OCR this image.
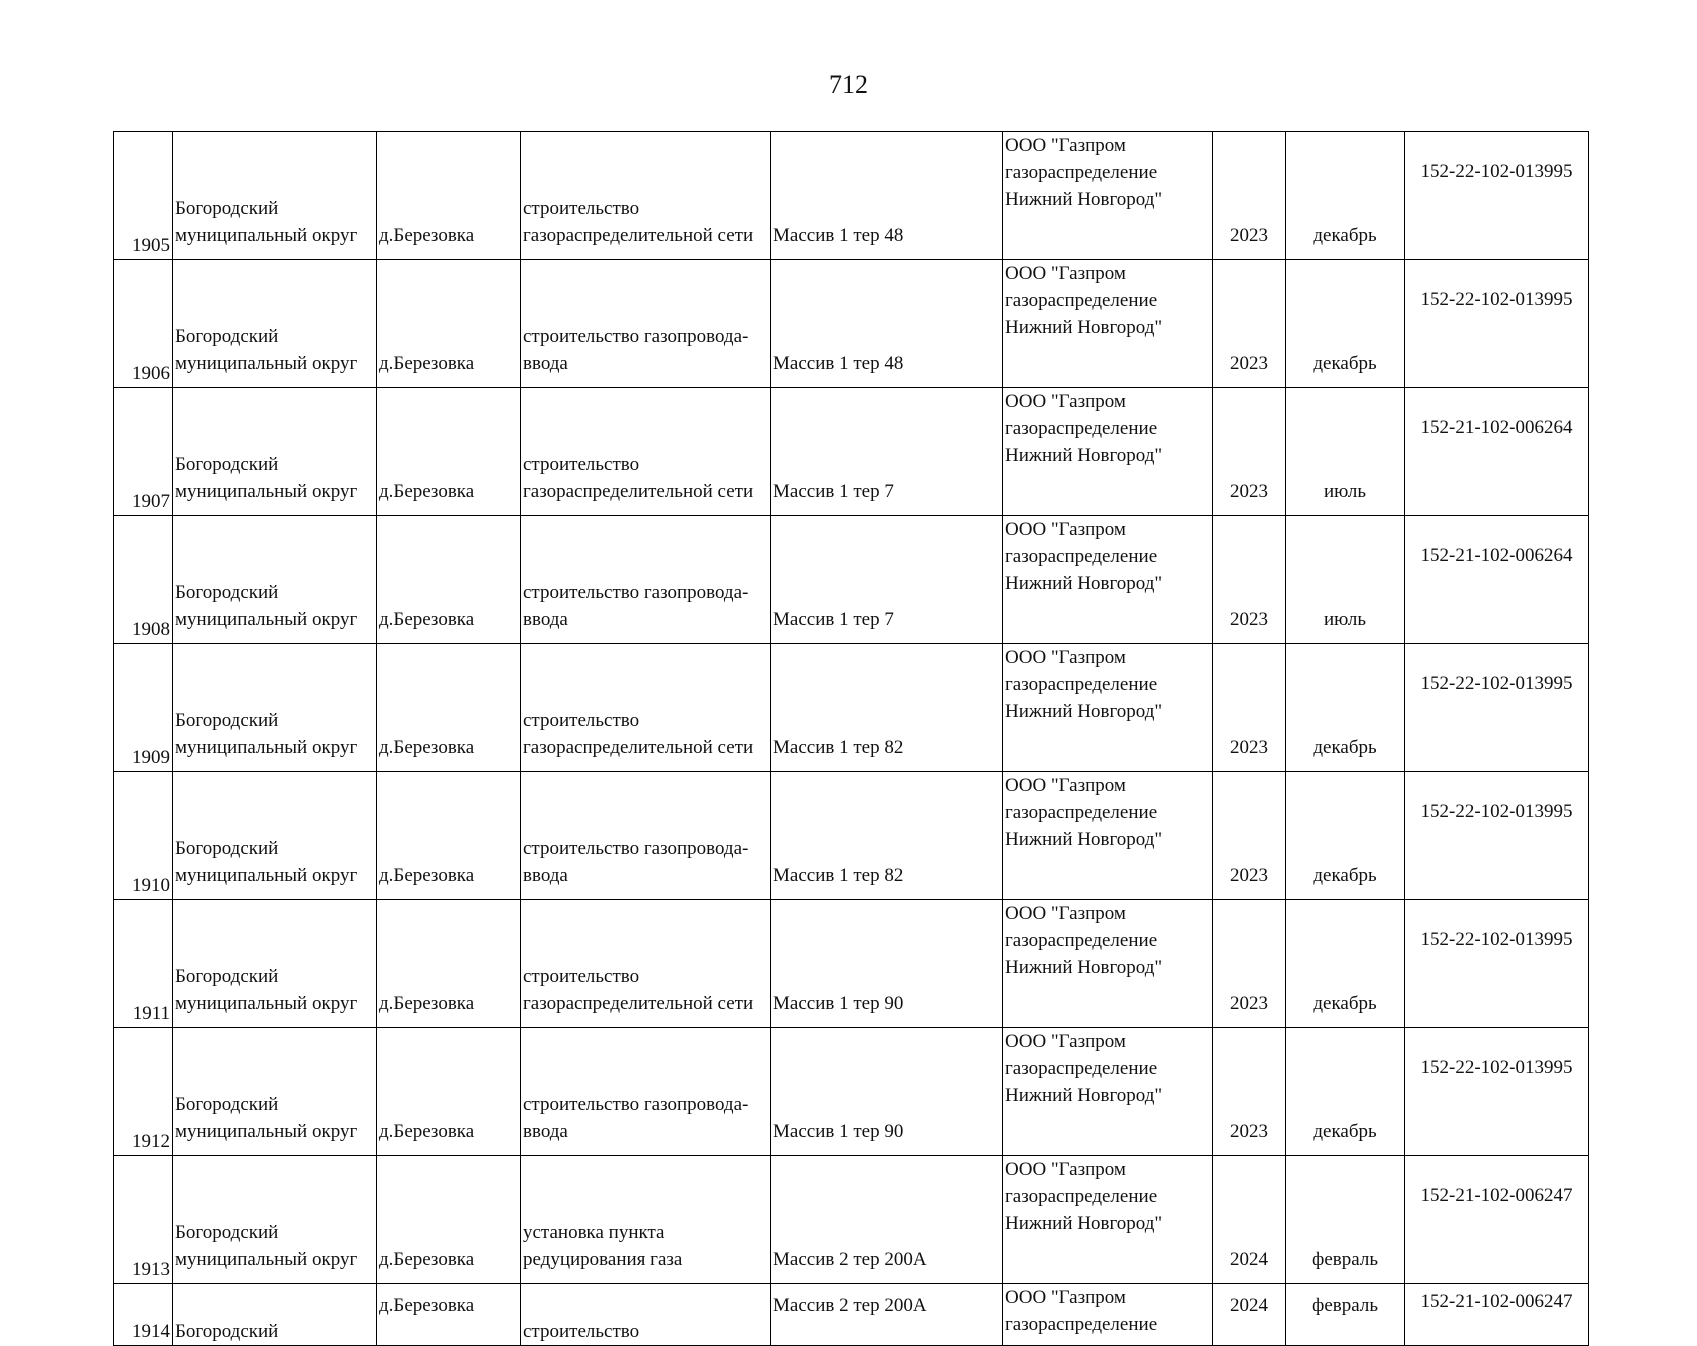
712
1905	Богородский
муниципальный округ	д.Березовка	строительство
газораспределительной сети	Массив 1 тер 48	ООО "Газпром
газораспределение
Нижний Новгород"	2023	декабрь	152-22-102-013995
1906	Богородский
муниципальный округ	д.Березовка	строительство газопровода-
ввода	Массив 1 тер 48	ООО "Газпром
газораспределение
Нижний Новгород"	2023	декабрь	152-22-102-013995
1907	Богородский
муниципальный округ	д.Березовка	строительство
газораспределительной сети	Массив 1 тер 7	ООО "Газпром
газораспределение
Нижний Новгород"	2023	июль	152-21-102-006264
1908	Богородский
муниципальный округ	д.Березовка	строительство газопровода-
ввода	Массив 1 тер 7	ООО "Газпром
газораспределение
Нижний Новгород"	2023	июль	152-21-102-006264
1909	Богородский
муниципальный округ	д.Березовка	строительство
газораспределительной сети	Массив 1 тер 82	ООО "Газпром
газораспределение
Нижний Новгород"	2023	декабрь	152-22-102-013995
1910	Богородский
муниципальный округ	д.Березовка	строительство газопровода-
ввода	Массив 1 тер 82	ООО "Газпром
газораспределение
Нижний Новгород"	2023	декабрь	152-22-102-013995
1911	Богородский
муниципальный округ	д.Березовка	строительство
газораспределительной сети	Массив 1 тер 90	ООО "Газпром
газораспределение
Нижний Новгород"	2023	декабрь	152-22-102-013995
1912	Богородский
муниципальный округ	д.Березовка	строительство газопровода-
ввода	Массив 1 тер 90	ООО "Газпром
газораспределение
Нижний Новгород"	2023	декабрь	152-22-102-013995
1913	Богородский
муниципальный округ	д.Березовка	установка пункта
редуцирования газа	Массив 2 тер 200А	ООО "Газпром
газораспределение
Нижний Новгород"	2024	февраль	152-21-102-006247
1914	Богородский	д.Березовка	строительство	Массив 2 тер 200А	ООО "Газпром
газораспределение	2024	февраль	152-21-102-006247
